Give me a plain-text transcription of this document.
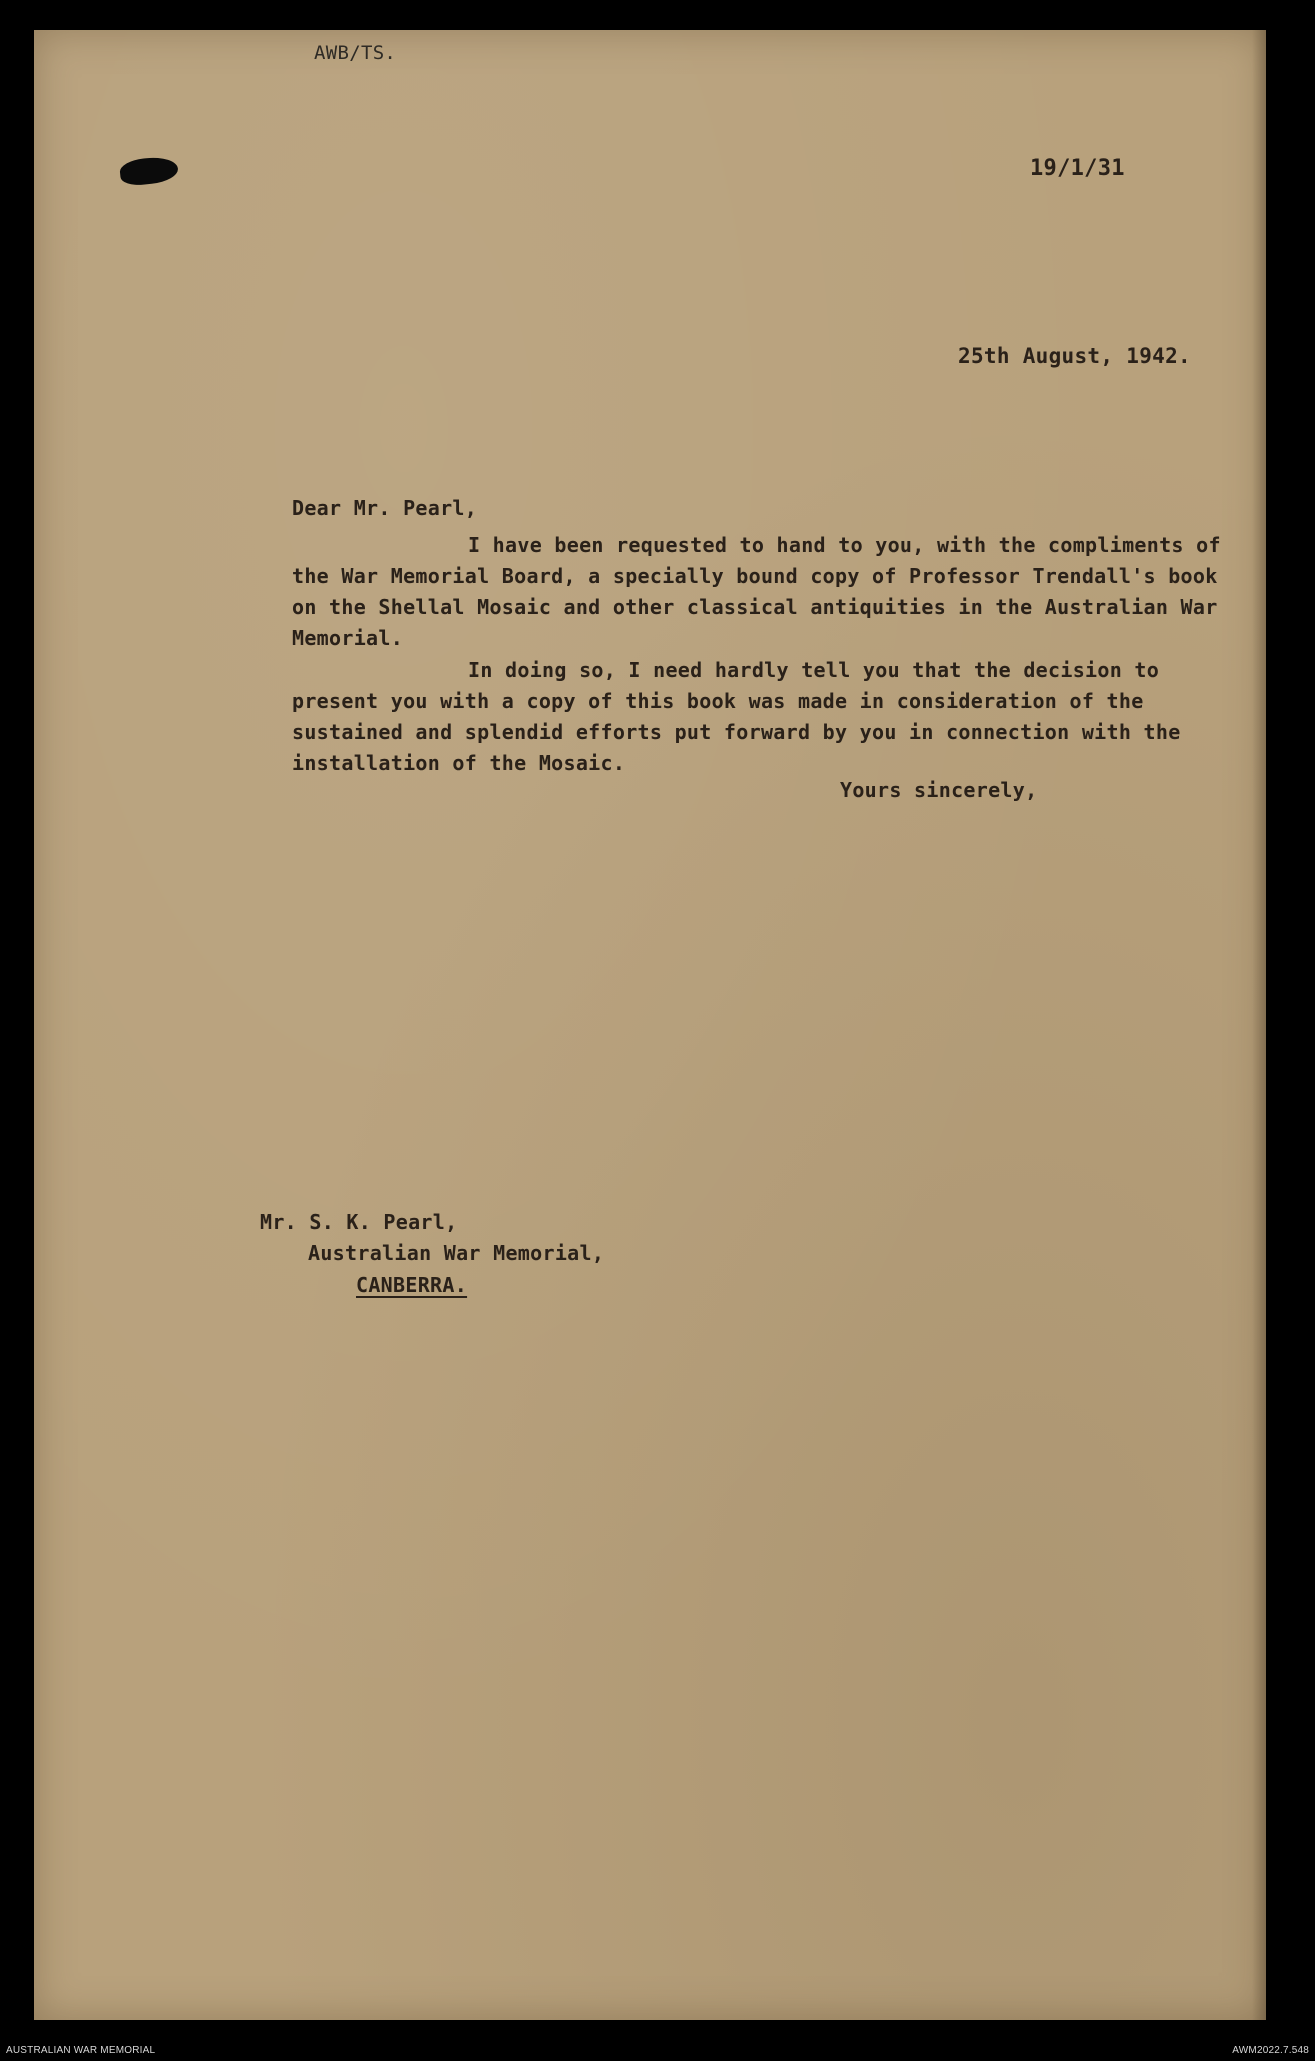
AWB/TS.
19/1/31
25th August, 1942.
Dear Mr. Pearl,
I have been requested to hand to you, with the compliments of the War Memorial Board, a specially bound copy of Professor Trendall's book on the Shellal Mosaic and other classical antiquities in the Australian War Memorial.
In doing so, I need hardly tell you that the decision to present you with a copy of this book was made in consideration of the sustained and splendid efforts put forward by you in connection with the installation of the Mosaic.
Yours sincerely,
Mr. S. K. Pearl,
Australian War Memorial,
CANBERRA.
AUSTRALIAN WAR MEMORIAL	AWM2022.7.548
